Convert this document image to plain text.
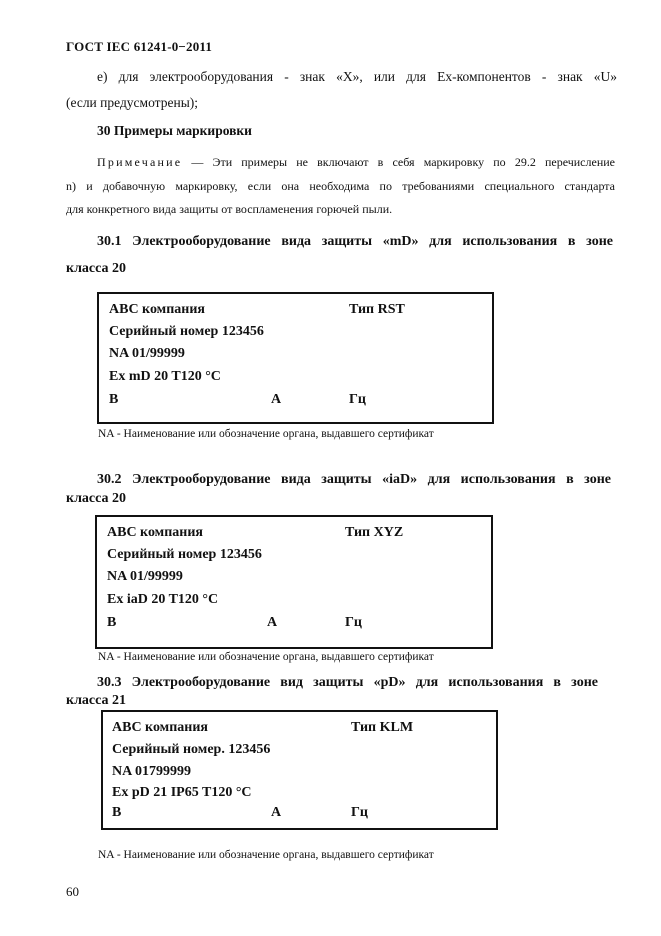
ГОСТ IEC 61241-0−2011
е) для электрооборудования - знак «X», или для Ex-компонентов - знак «U»
(если предусмотрены);
30 Примеры маркировки
Примечание — Эти примеры не включают в себя маркировку по 29.2 перечисление
n) и добавочную маркировку, если она необходима по требованиями специального стандарта
для конкретного вида защиты от воспламенения горючей пыли.
30.1 Электрооборудование вида защиты «mD» для использования в зоне
класса 20
ABC компания	Тип RST
Серийный номер 123456
NA 01/99999
Ex mD 20 T120 °C
В	А	Гц
NA - Наименование или обозначение органа, выдавшего сертификат
30.2 Электрооборудование вида защиты «iaD» для использования в зоне
класса 20
ABC компания	Тип XYZ
Серийный номер 123456
NA 01/99999
Ex iaD 20 T120 °C
В	А	Гц
NA - Наименование или обозначение органа, выдавшего сертификат
30.3 Электрооборудование вид защиты «pD» для использования в зоне
класса 21
ABC компания	Тип KLM
Серийный номер. 123456
NA 01799999
Ex pD 21 IP65 T120 °C
В	А	Гц
NA - Наименование или обозначение органа, выдавшего сертификат
60
